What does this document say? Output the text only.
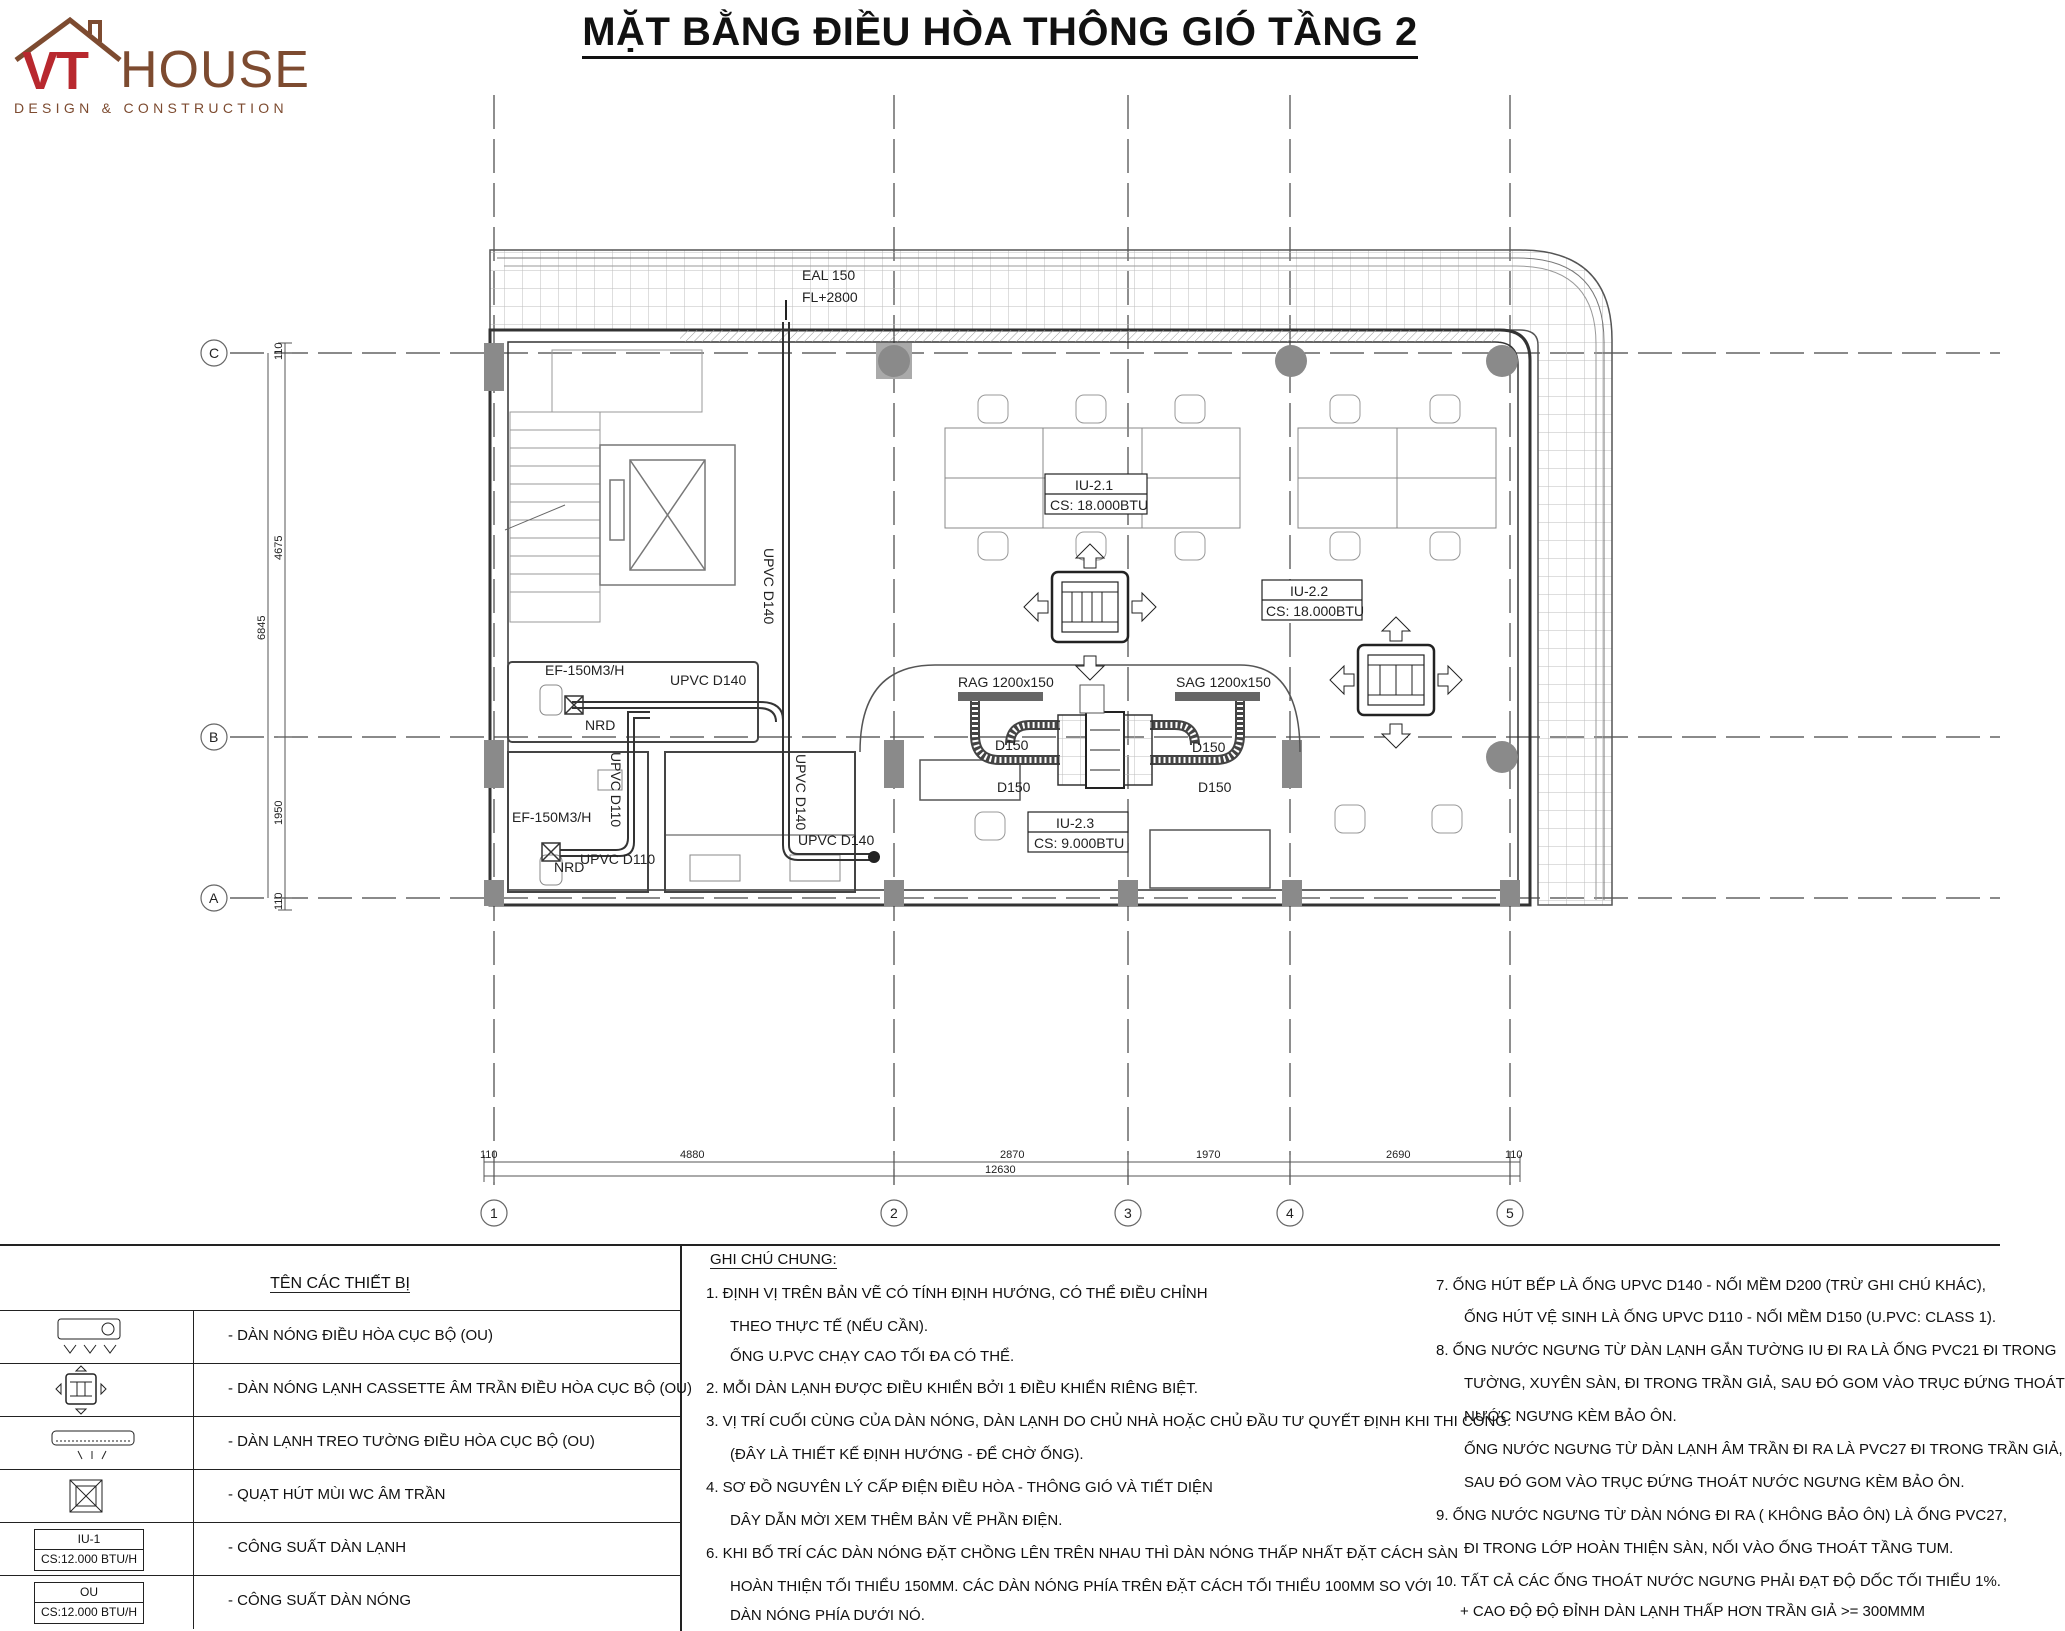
VT HOUSE
DESIGN & CONSTRUCTION
MẶT BẰNG ĐIỀU HÒA THÔNG GIÓ TẦNG 2
C
B
A
1	2	3	4	5
110
4675
6845
1950
110
110	4880	2870	1970	2690	110
12630
EAL 150
FL+2800
UPVC D140
UPVC D140
UPVC D140
UPVC D140
UPVC D110
UPVC D110
EF-150M3/H
EF-150M3/H
NRD
NRD
IU-2.1
CS: 18.000BTU
IU-2.2
CS: 18.000BTU
IU-2.3
CS: 9.000BTU
RAG 1200x150	SAG 1200x150
D150
D150
D150
D150
TÊN CÁC THIẾT BỊ
- DÀN NÓNG ĐIỀU HÒA CỤC BỘ (OU)
- DÀN NÓNG LẠNH CASSETTE ÂM TRẦN ĐIỀU HÒA CỤC BỘ (OU)
- DÀN LẠNH TREO TƯỜNG ĐIỀU HÒA CỤC BỘ (OU)
- QUẠT HÚT MÙI WC ÂM TRẦN
IU-1
CS:12.000 BTU/H
- CÔNG SUẤT DÀN LẠNH
OU
CS:12.000 BTU/H
- CÔNG SUẤT DÀN NÓNG
GHI CHÚ CHUNG:
1. ĐỊNH VỊ TRÊN BẢN VẼ CÓ TÍNH ĐỊNH HƯỚNG, CÓ THỂ ĐIỀU CHỈNH
THEO THỰC TẾ (NẾU CẦN).
ỐNG U.PVC CHẠY CAO TỐI ĐA CÓ THỂ.
2. MỖI DÀN LẠNH ĐƯỢC ĐIỀU KHIỂN BỞI 1 ĐIỀU KHIỂN RIÊNG BIỆT.
3. VỊ TRÍ CUỐI CÙNG CỦA DÀN NÓNG, DÀN LẠNH DO CHỦ NHÀ HOẶC CHỦ ĐẦU TƯ QUYẾT ĐỊNH KHI THI CÔNG.
(ĐÂY LÀ THIẾT KẾ ĐỊNH HƯỚNG - ĐỂ CHỜ ỐNG).
4. SƠ ĐỒ NGUYÊN LÝ CẤP ĐIỆN ĐIỀU HÒA - THÔNG GIÓ VÀ TIẾT DIỆN
DÂY DẪN MỜI XEM THÊM BẢN VẼ PHẦN ĐIỆN.
6. KHI BỐ TRÍ CÁC DÀN NÓNG ĐẶT CHỒNG LÊN TRÊN NHAU THÌ DÀN NÓNG THẤP NHẤT ĐẶT CÁCH SÀN
HOÀN THIỆN TỐI THIỂU 150MM. CÁC DÀN NÓNG PHÍA TRÊN ĐẶT CÁCH TỐI THIỂU 100MM SO VỚI
DÀN NÓNG PHÍA DƯỚI NÓ.
7. ỐNG HÚT BẾP LÀ ỐNG UPVC D140 - NỐI MỀM D200 (TRỪ GHI CHÚ KHÁC),
ỐNG HÚT VỆ SINH LÀ ỐNG UPVC D110 - NỐI MỀM D150 (U.PVC: CLASS 1).
8. ỐNG NƯỚC NGƯNG TỪ DÀN LẠNH GẮN TƯỜNG IU ĐI RA LÀ ỐNG PVC21 ĐI TRONG
TƯỜNG, XUYÊN SÀN, ĐI TRONG TRẦN GIẢ, SAU ĐÓ GOM VÀO TRỤC ĐỨNG THOÁT
NƯỚC NGƯNG KÈM BẢO ÔN.
ỐNG NƯỚC NGƯNG TỪ DÀN LẠNH ÂM TRẦN ĐI RA LÀ PVC27 ĐI TRONG TRẦN GIẢ,
SAU ĐÓ GOM VÀO TRỤC ĐỨNG THOÁT NƯỚC NGƯNG KÈM BẢO ÔN.
9. ỐNG NƯỚC NGƯNG TỪ DÀN NÓNG ĐI RA ( KHÔNG BẢO ÔN) LÀ ỐNG PVC27,
ĐI TRONG LỚP HOÀN THIỆN SÀN, NỐI VÀO ỐNG THOÁT TẦNG TUM.
10. TẤT CẢ CÁC ỐNG THOÁT NƯỚC NGƯNG PHẢI ĐẠT ĐỘ DỐC TỐI THIỂU 1%.
+ CAO ĐỘ ĐỘ ĐỈNH DÀN LẠNH THẤP HƠN TRẦN GIẢ >= 300MMM
